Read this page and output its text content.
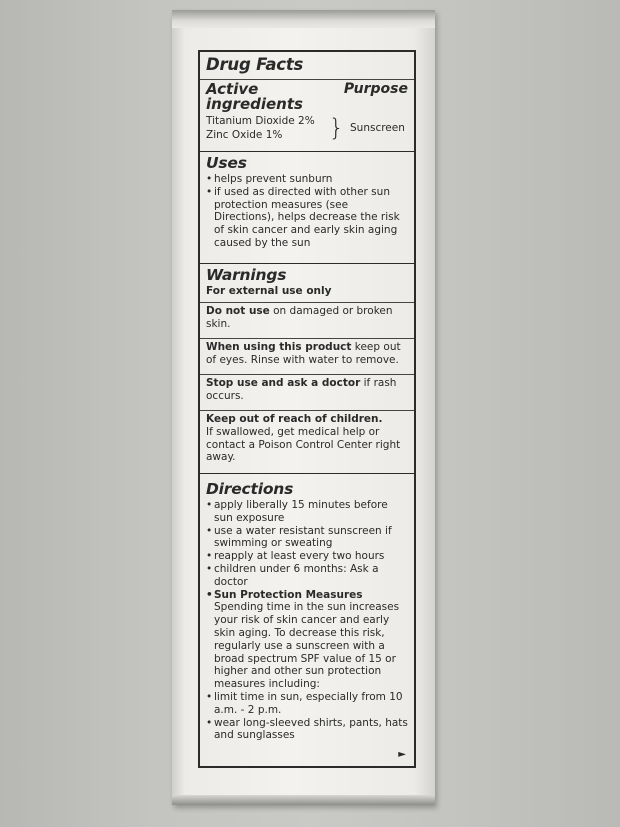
Drug Facts
Active ingredients
Purpose
Titanium Dioxide 2%
Zinc Oxide 1%	} Sunscreen
Uses
• helps prevent sunburn
• if used as directed with other sun protection measures (see Directions), helps decrease the risk of skin cancer and early skin aging caused by the sun
Warnings

For external use only

Do not use on damaged or broken skin.

When using this product keep out of eyes. Rinse with water to remove.

Stop use and ask a doctor if rash occurs.

Keep out of reach of children.

If swallowed, get medical help or contact a Poison Control Center right away.

Directions
• apply liberally 15 minutes before sun exposure
• use a water resistant sunscreen if swimming or sweating
• reapply at least every two hours
• children under 6 months: Ask a doctor
• Sun Protection Measures
Spending time in the sun increases your risk of skin cancer and early skin aging. To decrease this risk, regularly use a sunscreen with a broad spectrum SPF value of 15 or higher and other sun protection measures including:
• limit time in sun, especially from 10 a.m. - 2 p.m.
• wear long-sleeved shirts, pants, hats and sunglasses
►
